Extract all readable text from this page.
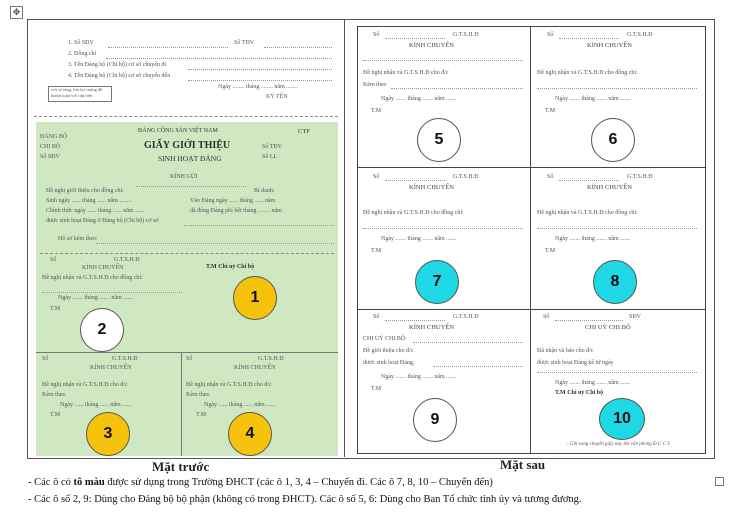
✥
1. Số SĐV	Số TĐV
2. Đồng chí
3. Tên Đảng bộ (Chi bộ) cơ sở chuyển đi
4. Tên Đảng bộ (Chi bộ) cơ sở chuyển đến
với số tăng, lưu lại cuống để thanh toán với cấp trên
Ngày ........ tháng ........ năm ........
KÝ TÊN
ĐẢNG CỘNG SẢN VIỆT NAM	CTF
ĐẢNG BỘ
CHI BỘ
Số SĐV
GIẤY GIỚI THIỆU	Số TĐV
Số LL
SINH HOẠT ĐẢNG
KÍNH GỬI
Đề nghị giới thiệu cho đồng chí:	Bí danh:
Sinh ngày ...... tháng ...... năm ........	Vào Đảng ngày ...... tháng ...... năm
Chính thức ngày ...... tháng ...... năm ......	đã đóng Đảng phí hết tháng ........ năm
được sinh hoạt Đảng ở Đảng bộ (Chi bộ) cơ sở
Hồ sơ kèm theo:
Số	G.T.S.H.Đ
KÍNH CHUYỂN	T.M Chi uỷ Chi bộ
Đề nghị nhận và G.T.S.H.Đ cho đồng chí:
Ngày ....... tháng ....... năm .......
T.M
Số	G.T.S.H.Đ
KÍNH CHUYỂN
Đề nghị nhận và G.T.S.H.Đ cho đ/c
Kèm theo
Ngày ...... tháng ...... năm ......
T.M
Số	G.T.S.H.Đ
KÍNH CHUYỂN
Đề nghị nhận và G.T.S.H.Đ cho đ/c
Kèm theo
Ngày ...... tháng ...... năm ......
T.M
1
2
3	4
Mặt trước
Số	G.T.S.H.Đ
KÍNH CHUYỂN
Đề nghị nhận và G.T.S.H.Đ cho đ/c
Kèm theo
Ngày ....... tháng ....... năm .......
T.M
5
Số	G.T.S.H.Đ
KÍNH CHUYỂN
Đề nghị nhận và G.T.S.H.Đ cho đồng chí:
Ngày ....... tháng ....... năm .......
T.M
6
Số	G.T.S.H.Đ
KÍNH CHUYỂN
Đề nghị nhận và G.T.S.H.Đ cho đồng chí:
Ngày ....... tháng ....... năm .......
T.M
7
Số	G.T.S.H.Đ
KÍNH CHUYỂN
Đề nghị nhận và G.T.S.H.Đ cho đồng chí:
Ngày ....... tháng ....... năm .......
T.M
8
Số	G.T.S.H.Đ
KÍNH CHUYỂN
CHI UỶ CHI BỘ:
Đề giới thiệu cho đ/c
được sinh hoạt Đảng,
Ngày ....... tháng ....... năm .......
T.M
9
Số	SĐV
CHI UỶ CHI BỘ
Đã nhận và báo cho đ/c
được sinh hoạt Đảng kể từ ngày
Ngày ....... tháng ....... năm .......
T.M Chi uỷ Chi bộ
10
- Ghi xong chuyển giấy này lên văn phòng Đ U C S
Mặt sau
- Các ô có tô màu được sử dụng trong Trường ĐHCT (các ô 1, 3, 4 – Chuyển đi. Các ô 7, 8, 10 – Chuyển đến)
- Các ô số 2, 9: Dùng cho Đảng bộ bộ phận (không có trong ĐHCT). Các ô số 5, 6: Dùng cho Ban Tổ chức tỉnh ủy và tương đương.
